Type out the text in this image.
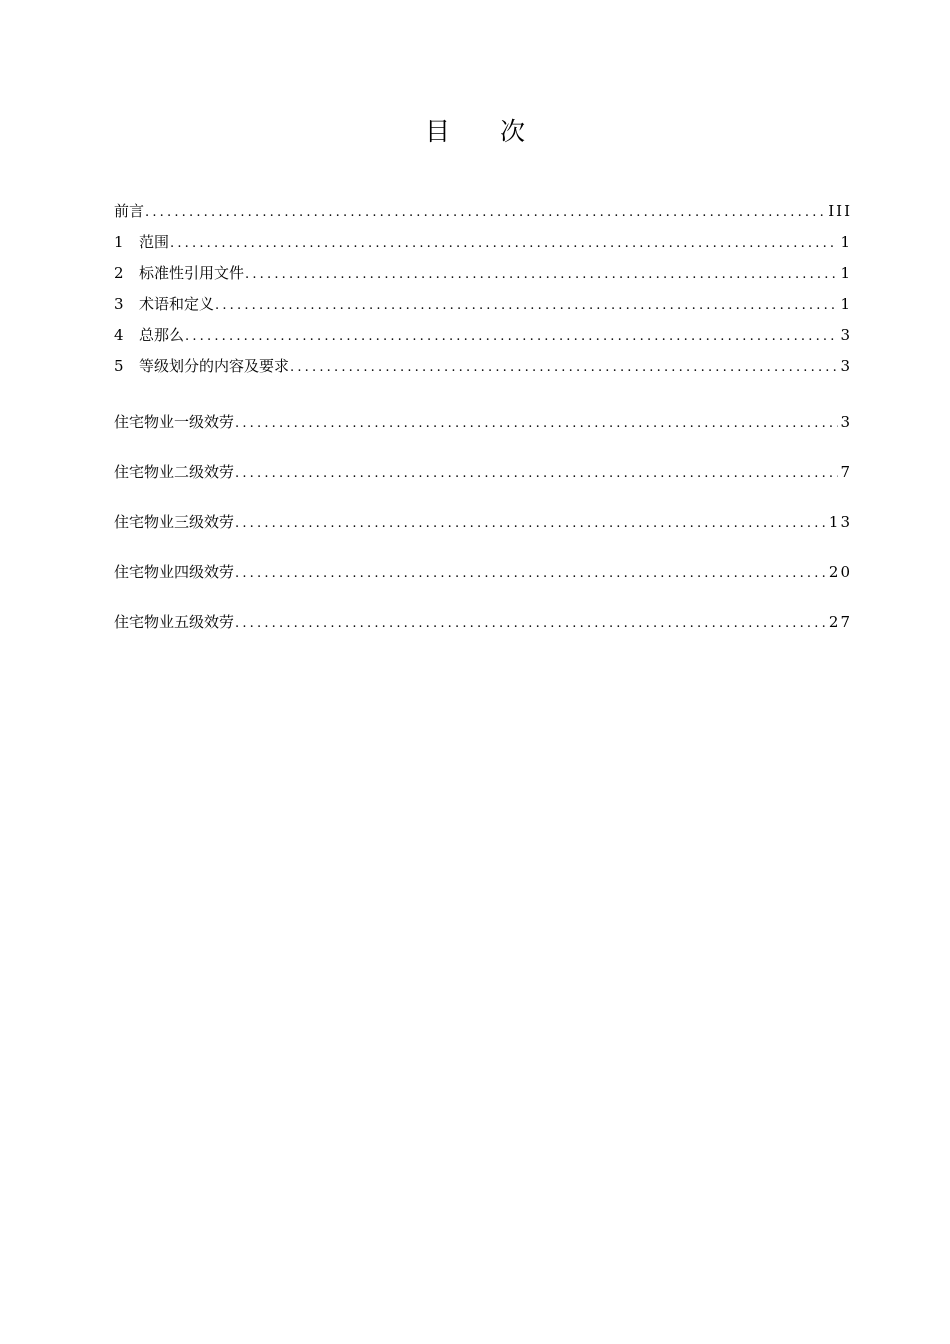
目 次
前言 .....	III
1	范围 .....	1
2	标准性引用文件 .....	1
3	术语和定义 .....	1
4	总那么 .....	3
5	等级划分的内容及要求 .....	3
住宅物业一级效劳 .....	3
住宅物业二级效劳 .....	7
住宅物业三级效劳 .....	13
住宅物业四级效劳 .....	20
住宅物业五级效劳 .....	27
